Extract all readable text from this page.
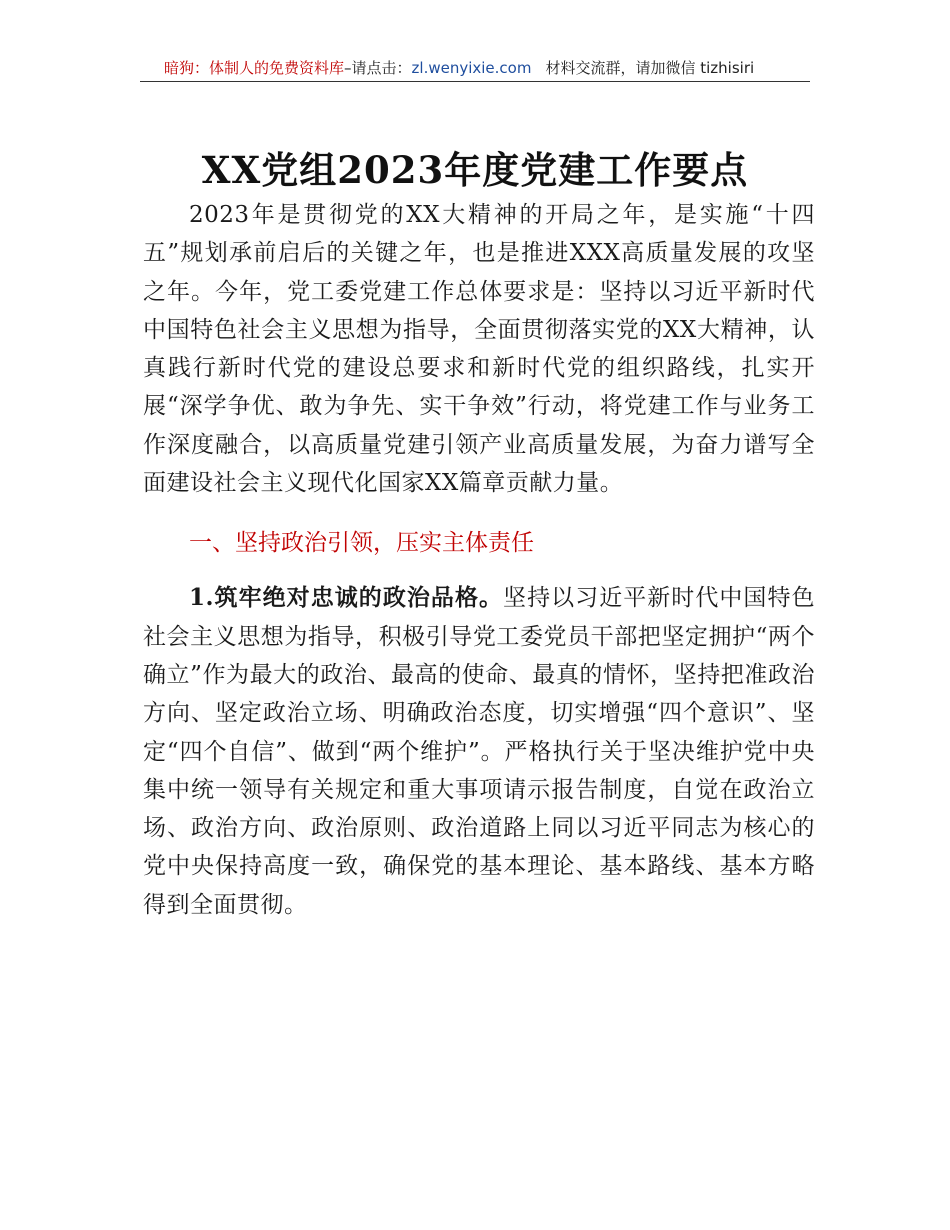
暗狗：体制人的免费资料库–请点击：zl.wenyixie.com 材料交流群，请加微信 tizhisiri
XX党组2023年度党建工作要点

2023年是贯彻党的XX大精神的开局之年，是实施“十四五”规划承前启后的关键之年，也是推进XXX高质量发展的攻坚之年。今年，党工委党建工作总体要求是：坚持以习近平新时代中国特色社会主义思想为指导，全面贯彻落实党的XX大精神，认真践行新时代党的建设总要求和新时代党的组织路线，扎实开展“深学争优、敢为争先、实干争效”行动，将党建工作与业务工作深度融合，以高质量党建引领产业高质量发展，为奋力谱写全面建设社会主义现代化国家XX篇章贡献力量。

一、坚持政治引领，压实主体责任

1.筑牢绝对忠诚的政治品格。坚持以习近平新时代中国特色社会主义思想为指导，积极引导党工委党员干部把坚定拥护“两个确立”作为最大的政治、最高的使命、最真的情怀，坚持把准政治方向、坚定政治立场、明确政治态度，切实增强“四个意识”、坚定“四个自信”、做到“两个维护”。严格执行关于坚决维护党中央集中统一领导有关规定和重大事项请示报告制度，自觉在政治立场、政治方向、政治原则、政治道路上同以习近平同志为核心的党中央保持高度一致，确保党的基本理论、基本路线、基本方略得到全面贯彻。
